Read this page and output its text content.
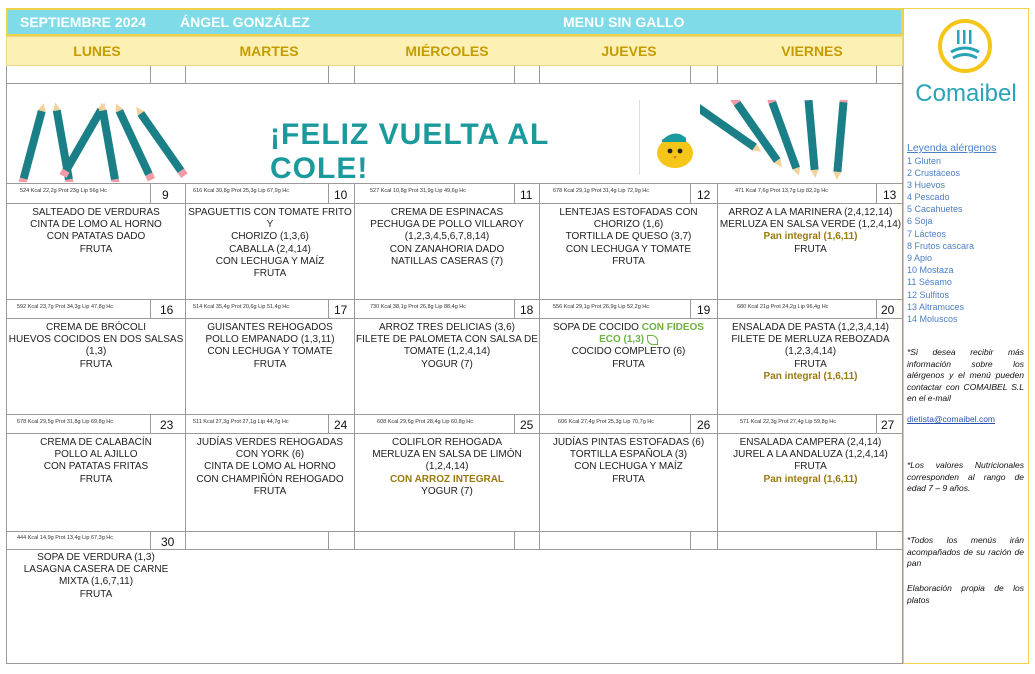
SEPTIEMBRE 2024 ÁNGEL GONZÁLEZ	MENU SIN GALLO
LUNES	MARTES	MIÉRCOLES	JUEVES	VIERNES
¡FELIZ VUELTA AL COLE!
524 Kcal 22,2g Prot 23g Lip 56g Hc	9
SALTEADO DE VERDURAS
CINTA DE LOMO AL HORNO
CON PATATAS DADO
FRUTA
616 Kcal 30,8g Prot 25,3g Lip 67,9g Hc	10
SPAGUETTIS CON TOMATE FRITO Y
CHORIZO (1,3,6)
CABALLA (2,4,14)
CON LECHUGA Y MAÍZ
FRUTA
527 Kcal 10,8g Prot 31,9g Lip 49,6g Hc	11
CREMA DE ESPINACAS
PECHUGA DE POLLO VILLAROY
(1,2,3,4,5,6,7,8,14)
CON ZANAHORIA DADO
NATILLAS CASERAS (7)
678 Kcal 29,1g Prot 31,4g Lip 72,9g Hc	12
LENTEJAS ESTOFADAS CON
CHORIZO (1,6)
TORTILLA DE QUESO (3,7)
CON LECHUGA Y TOMATE
FRUTA
471 Kcal 7,6g Prot 13,7g Lip 82,2g Hc	13
ARROZ A LA MARINERA (2,4,12,14)
MERLUZA EN SALSA VERDE (1,2,4,14)
Pan integral (1,6,11)
FRUTA
592 Kcal 23,7g Prot 34,3g Lip 47,8g Hc	16
CREMA DE BRÓCOLI
HUEVOS COCIDOS EN DOS SALSAS
(1,3)
FRUTA
514 Kcal 35,4g Prot 20,6g Lip 51,4g Hc	17
GUISANTES REHOGADOS
POLLO EMPANADO (1,3,11)
CON LECHUGA Y TOMATE
FRUTA
730 Kcal 38,1g Prot 26,8g Lip 88,4g Hc	18
ARROZ TRES DELICIAS (3,6)
FILETE DE PALOMETA CON SALSA DE
TOMATE (1,2,4,14)
YOGUR (7)
556 Kcal 29,1g Prot 26,9g Lip 52,2g Hc	19
SOPA DE COCIDO CON FIDEOS ECO (1,3)
COCIDO COMPLETO (6)
FRUTA
680 Kcal 21g Prot 24,2g Lip 96,4g Hc	20
ENSALADA DE PASTA (1,2,3,4,14)
FILETE DE MERLUZA REBOZADA
(1,2,3,4,14)
FRUTA
Pan integral (1,6,11)
678 Kcal 29,5g Prot 31,8g Lip 69,8g Hc	23
CREMA DE CALABACÍN
POLLO AL AJILLO
CON PATATAS FRITAS
FRUTA
511 Kcal 27,3g Prot 27,1g Lip 44,7g Hc	24
JUDÍAS VERDES REHOGADAS
CON YORK (6)
CINTA DE LOMO AL HORNO
CON CHAMPIÑÓN REHOGADO
FRUTA
608 Kcal 29,6g Prot 28,4g Lip 60,8g Hc	25
COLIFLOR REHOGADA
MERLUZA EN SALSA DE LIMÓN
(1,2,4,14)
CON ARROZ INTEGRAL
YOGUR (7)
606 Kcal 27,4g Prot 25,3g Lip 70,7g Hc	26
JUDÍAS PINTAS ESTOFADAS (6)
TORTILLA ESPAÑOLA (3)
CON LECHUGA Y MAÍZ
FRUTA
571 Kcal 22,3g Prot 27,4g Lip 59,8g Hc	27
ENSALADA CAMPERA (2,4,14)
JUREL A LA ANDALUZA (1,2,4,14)
FRUTA
Pan integral (1,6,11)
444 Kcal 14,9g Prot 13,4g Lip 67,3g Hc	30
SOPA DE VERDURA (1,3)
LASAGNA CASERA DE CARNE
MIXTA (1,6,7,11)
FRUTA
Comaibel
Leyenda alérgenos
1 Gluten
2 Crustáceos
3 Huevos
4 Pescado
5 Cacahuetes
6 Soja
7 Lácteos
8 Frutos cascara
9 Apio
10 Mostaza
11 Sésamo
12 Sulfitos
13 Altramuces
14 Moluscos
*Si desea recibir más información sobre los alérgenos y el menú pueden contactar con COMAIBEL S.L en el e-mail
dietista@comaibel.com
*Los valores Nutricionales corresponden al rango de edad 7 – 9 años.
*Todos los menús irán acompañados de su ración de pan
Elaboración propia de los platos
